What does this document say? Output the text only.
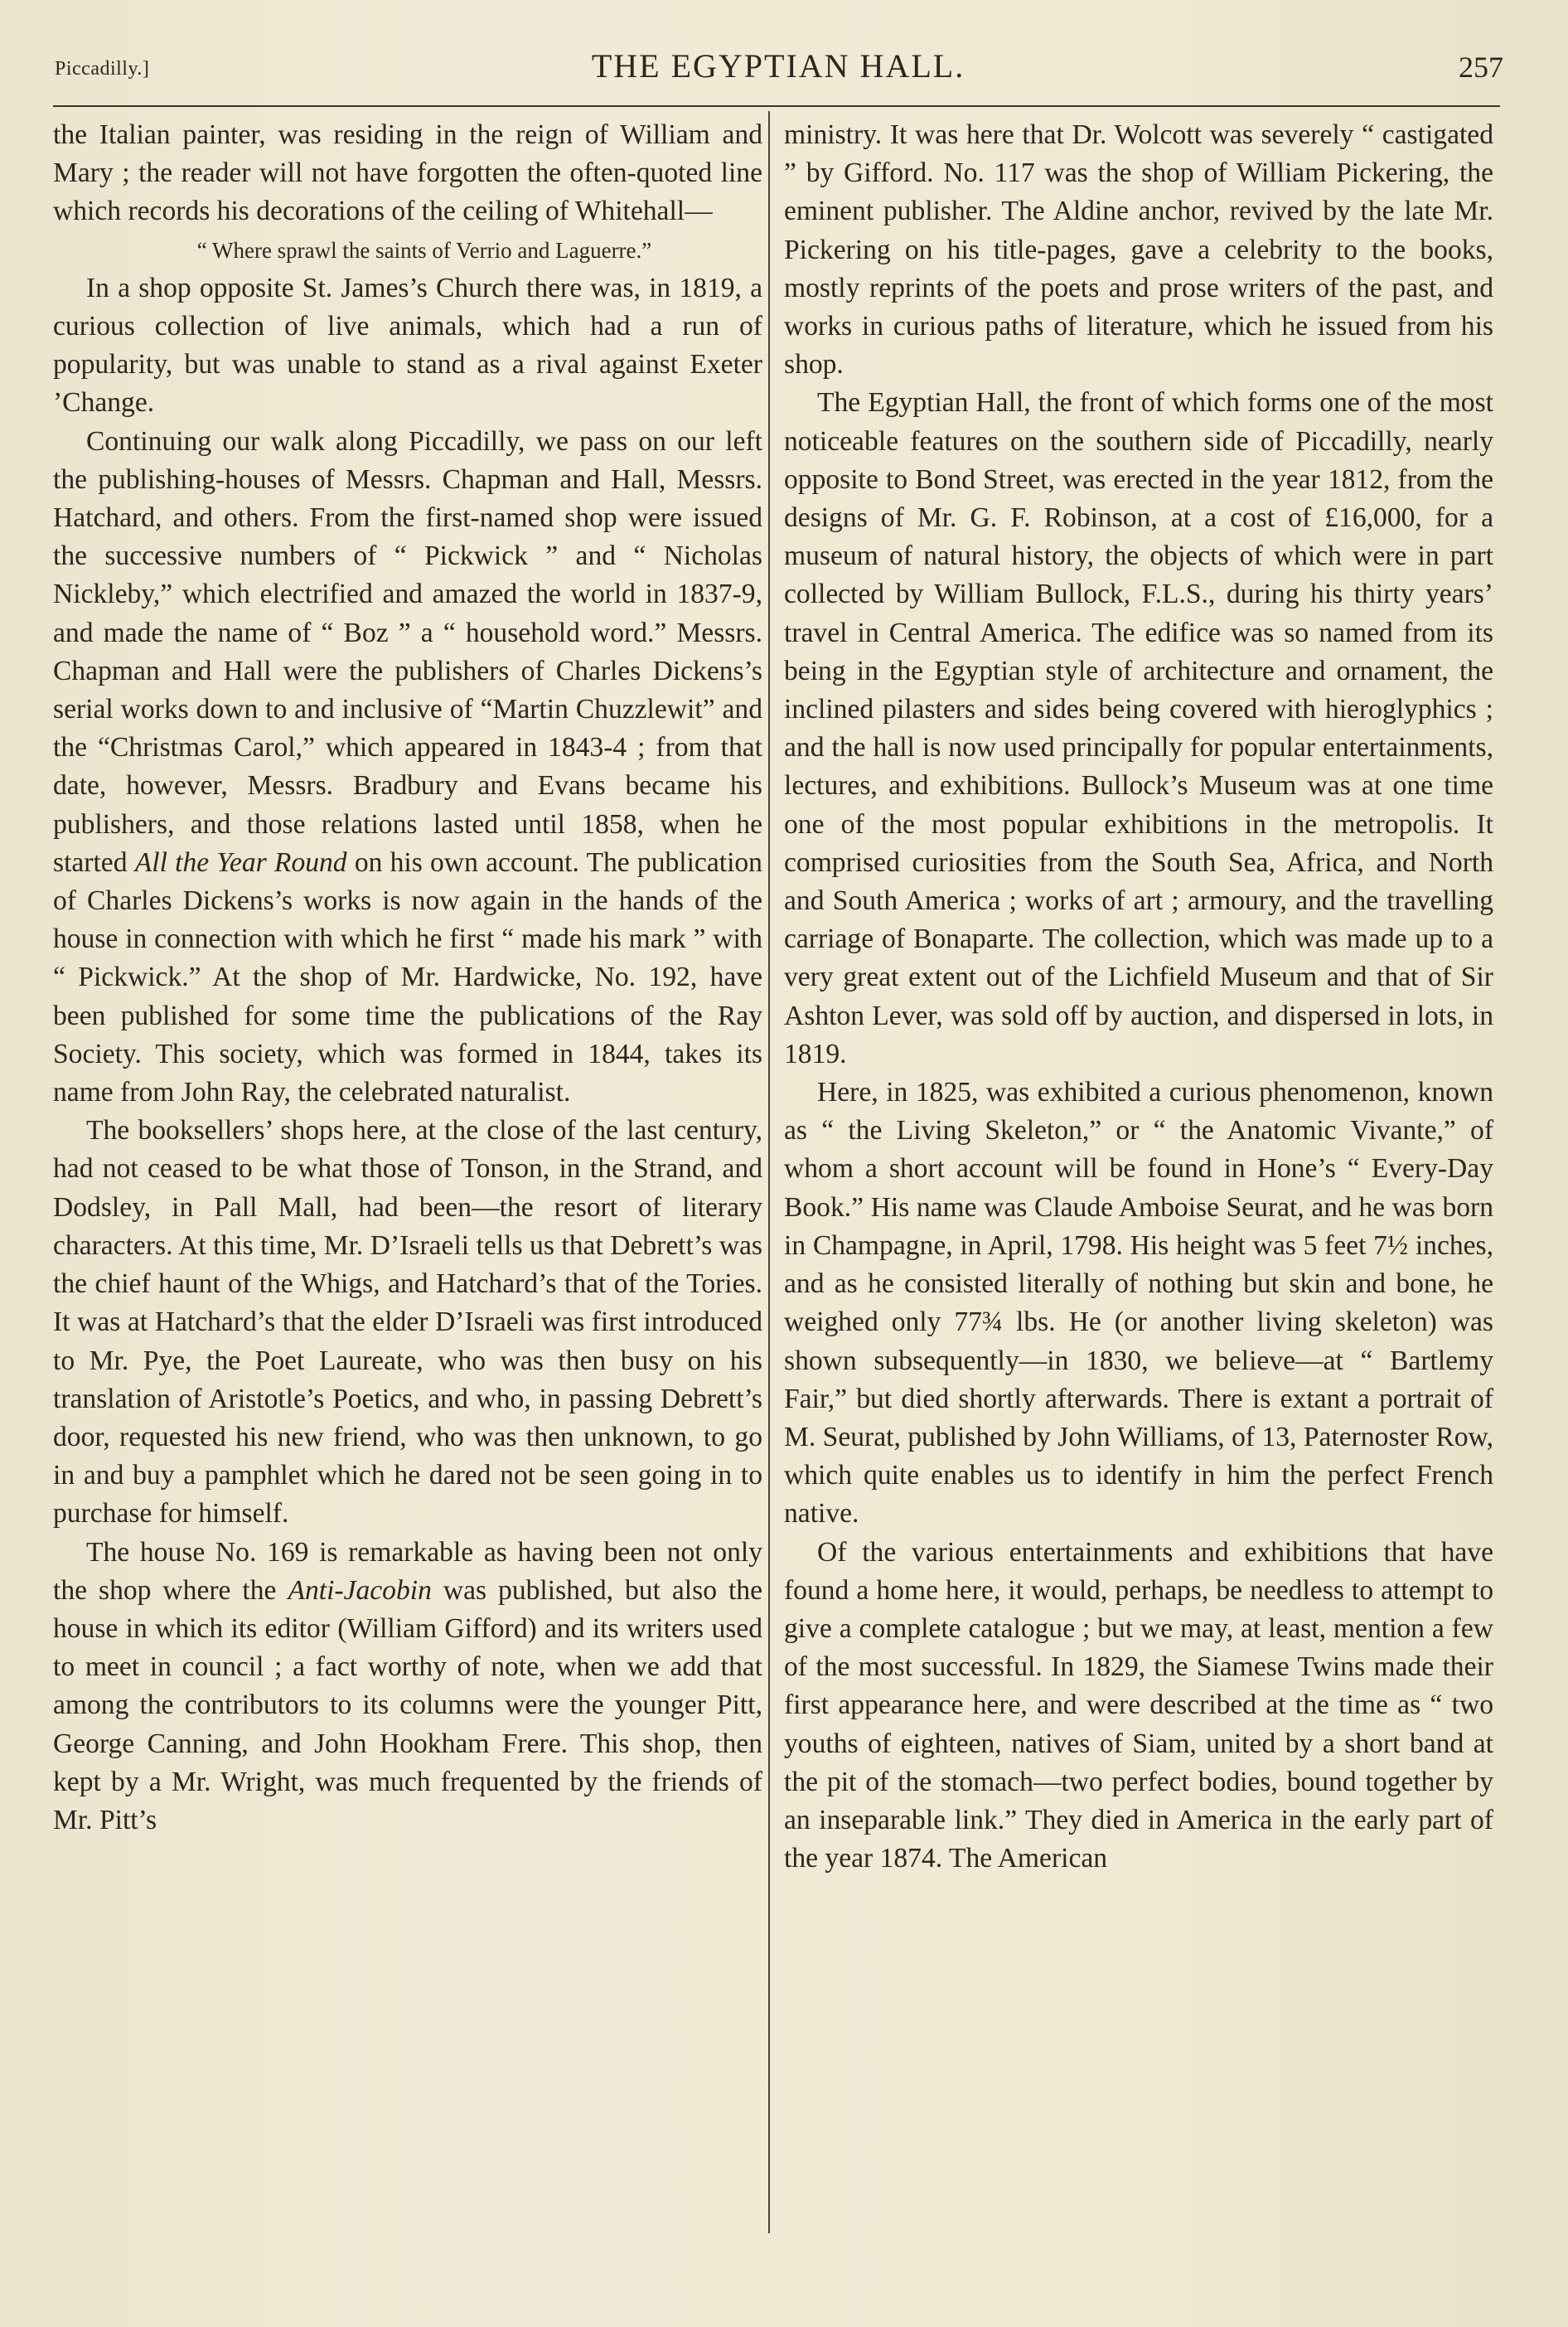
Piccadilly.]	THE EGYPTIAN HALL.	257

the Italian painter, was residing in the reign of William and Mary ; the reader will not have forgotten the often-quoted line which records his decorations of the ceiling of Whitehall—

“ Where sprawl the saints of Verrio and Laguerre.”

In a shop opposite St. James’s Church there was, in 1819, a curious collection of live animals, which had a run of popularity, but was unable to stand as a rival against Exeter ’Change.

Continuing our walk along Piccadilly, we pass on our left the publishing-houses of Messrs. Chapman and Hall, Messrs. Hatchard, and others. From the first-named shop were issued the successive numbers of “ Pickwick ” and “ Nicholas Nickleby,” which electrified and amazed the world in 1837-9, and made the name of “ Boz ” a “ household word.” Messrs. Chapman and Hall were the publishers of Charles Dickens’s serial works down to and inclusive of “Martin Chuzzlewit” and the “Christmas Carol,” which appeared in 1843-4 ; from that date, however, Messrs. Bradbury and Evans became his publishers, and those relations lasted until 1858, when he started All the Year Round on his own account. The publication of Charles Dickens’s works is now again in the hands of the house in connection with which he first “ made his mark ” with “ Pickwick.” At the shop of Mr. Hardwicke, No. 192, have been published for some time the publications of the Ray Society. This society, which was formed in 1844, takes its name from John Ray, the celebrated naturalist.

The booksellers’ shops here, at the close of the last century, had not ceased to be what those of Tonson, in the Strand, and Dodsley, in Pall Mall, had been—the resort of literary characters. At this time, Mr. D’Israeli tells us that Debrett’s was the chief haunt of the Whigs, and Hatchard’s that of the Tories. It was at Hatchard’s that the elder D’Israeli was first introduced to Mr. Pye, the Poet Laureate, who was then busy on his translation of Aristotle’s Poetics, and who, in passing Debrett’s door, requested his new friend, who was then unknown, to go in and buy a pamphlet which he dared not be seen going in to purchase for himself.

The house No. 169 is remarkable as having been not only the shop where the Anti-Jacobin was published, but also the house in which its editor (William Gifford) and its writers used to meet in council ; a fact worthy of note, when we add that among the contributors to its columns were the younger Pitt, George Canning, and John Hookham Frere. This shop, then kept by a Mr. Wright, was much frequented by the friends of Mr. Pitt’s

ministry. It was here that Dr. Wolcott was severely “ castigated ” by Gifford. No. 117 was the shop of William Pickering, the eminent publisher. The Aldine anchor, revived by the late Mr. Pickering on his title-pages, gave a celebrity to the books, mostly reprints of the poets and prose writers of the past, and works in curious paths of literature, which he issued from his shop.

The Egyptian Hall, the front of which forms one of the most noticeable features on the southern side of Piccadilly, nearly opposite to Bond Street, was erected in the year 1812, from the designs of Mr. G. F. Robinson, at a cost of £16,000, for a museum of natural history, the objects of which were in part collected by William Bullock, F.L.S., during his thirty years’ travel in Central America. The edifice was so named from its being in the Egyptian style of architecture and ornament, the inclined pilasters and sides being covered with hieroglyphics ; and the hall is now used principally for popular entertainments, lectures, and exhibitions. Bullock’s Museum was at one time one of the most popular exhibitions in the metropolis. It comprised curiosities from the South Sea, Africa, and North and South America ; works of art ; armoury, and the travelling carriage of Bonaparte. The collection, which was made up to a very great extent out of the Lichfield Museum and that of Sir Ashton Lever, was sold off by auction, and dispersed in lots, in 1819.

Here, in 1825, was exhibited a curious phenomenon, known as “ the Living Skeleton,” or “ the Anatomic Vivante,” of whom a short account will be found in Hone’s “ Every-Day Book.” His name was Claude Amboise Seurat, and he was born in Champagne, in April, 1798. His height was 5 feet 7½ inches, and as he consisted literally of nothing but skin and bone, he weighed only 77¾ lbs. He (or another living skeleton) was shown subsequently—in 1830, we believe—at “ Bartlemy Fair,” but died shortly afterwards. There is extant a portrait of M. Seurat, published by John Williams, of 13, Paternoster Row, which quite enables us to identify in him the perfect French native.

Of the various entertainments and exhibitions that have found a home here, it would, perhaps, be needless to attempt to give a complete catalogue ; but we may, at least, mention a few of the most successful. In 1829, the Siamese Twins made their first appearance here, and were described at the time as “ two youths of eighteen, natives of Siam, united by a short band at the pit of the stomach—two perfect bodies, bound together by an inseparable link.” They died in America in the early part of the year 1874. The American
